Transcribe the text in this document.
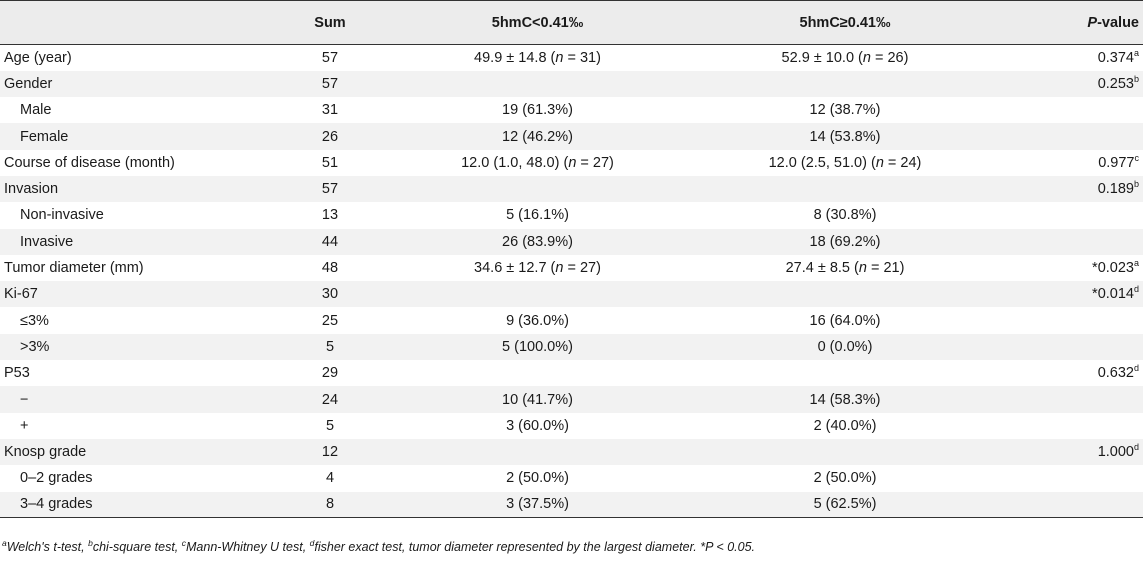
	Sum	5hmC<0.41‰	5hmC≥0.41‰	P-value
Age (year)	57	49.9 ± 14.8 (n = 31)	52.9 ± 10.0 (n = 26)	0.374$^a$
Gender	57			0.253$^b$
Male	31	19 (61.3%)	12 (38.7%)	
Female	26	12 (46.2%)	14 (53.8%)	
Course of disease (month)	51	12.0 (1.0, 48.0) (n = 27)	12.0 (2.5, 51.0) (n = 24)	0.977$^c$
Invasion	57			0.189$^b$
Non-invasive	13	5 (16.1%)	8 (30.8%)	
Invasive	44	26 (83.9%)	18 (69.2%)	
Tumor diameter (mm)	48	34.6 ± 12.7 (n = 27)	27.4 ± 8.5 (n = 21)	*0.023$^a$
Ki-67	30			*0.014$^d$
≤3%	25	9 (36.0%)	16 (64.0%)	
>3%	5	5 (100.0%)	0 (0.0%)	
P53	29			0.632$^d$
−	24	10 (41.7%)	14 (58.3%)	
+	5	3 (60.0%)	2 (40.0%)	
Knosp grade	12			1.000$^d$
0–2 grades	4	2 (50.0%)	2 (50.0%)	
3–4 grades	8	3 (37.5%)	5 (62.5%)	
$^a$Welch's t-test, $^b$chi-square test, $^c$Mann-Whitney U test, $^d$fisher exact test, tumor diameter represented by the largest diameter. *P < 0.05.
